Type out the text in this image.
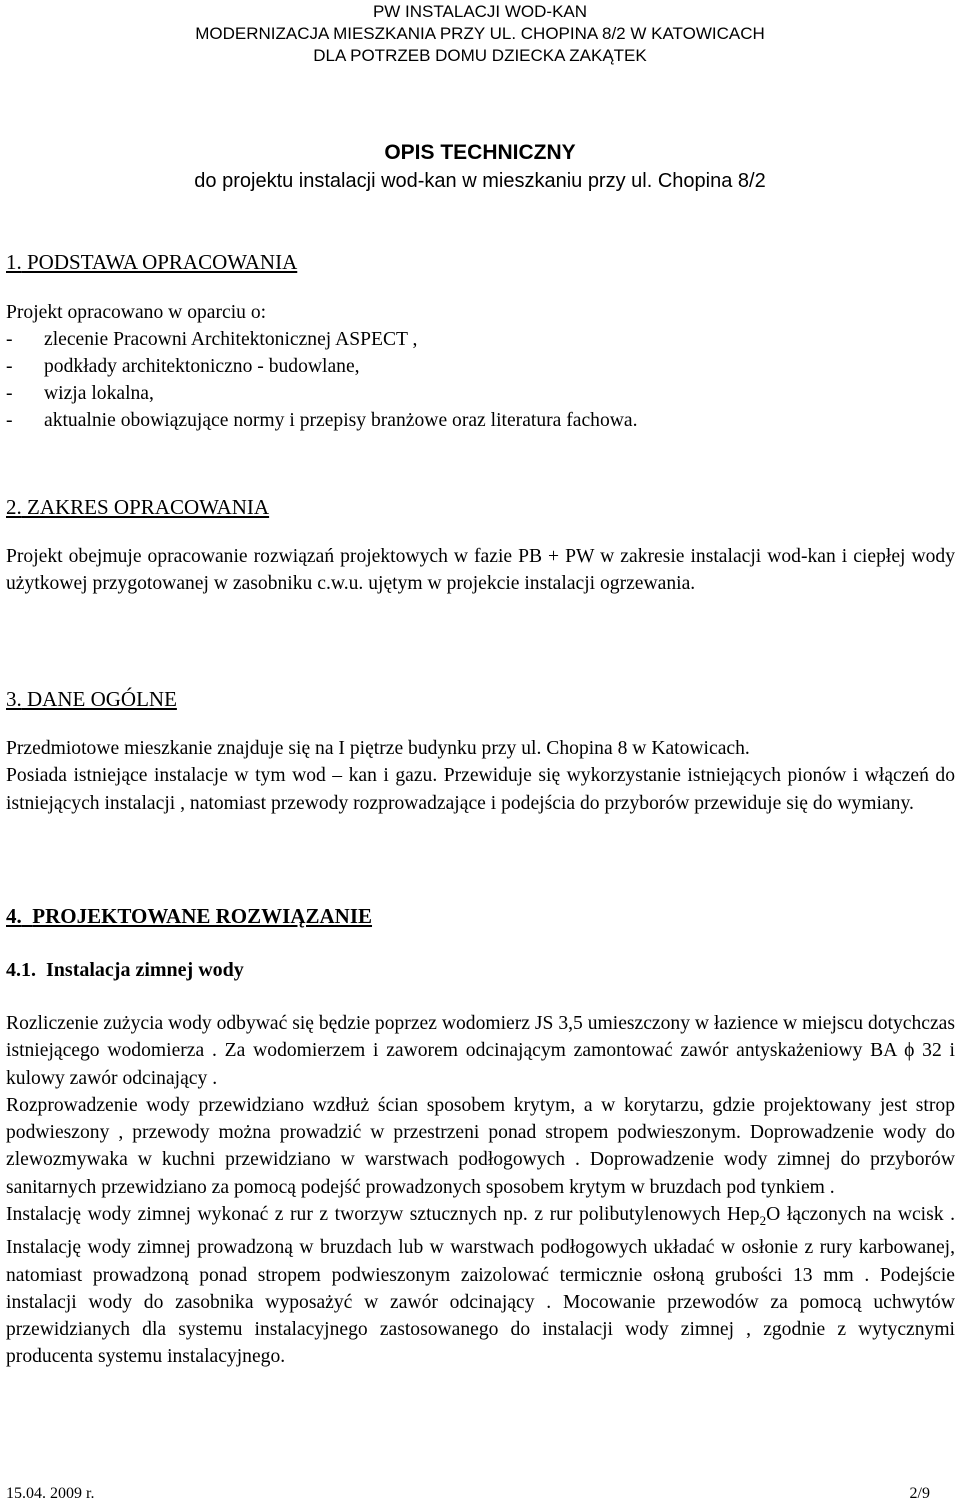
PW INSTALACJI WOD-KAN
MODERNIZACJA MIESZKANIA PRZY UL. CHOPINA 8/2 W KATOWICACH
DLA POTRZEB DOMU DZIECKA ZAKĄTEK
OPIS TECHNICZNY
do projektu instalacji wod-kan w mieszkaniu przy ul. Chopina 8/2

1. PODSTAWA OPRACOWANIA

Projekt opracowano w oparciu o:

- zlecenie Pracowni Architektonicznej ASPECT ,
- podkłady architektoniczno - budowlane,
- wizja lokalna,
- aktualnie obowiązujące normy i przepisy branżowe oraz literatura fachowa.

2. ZAKRES OPRACOWANIA

Projekt obejmuje opracowanie rozwiązań projektowych w fazie PB + PW w zakresie instalacji wod-kan i ciepłej wody użytkowej przygotowanej w zasobniku c.w.u. ujętym w projekcie instalacji ogrzewania.

3. DANE OGÓLNE

Przedmiotowe mieszkanie znajduje się na I piętrze budynku przy ul. Chopina 8 w Katowicach.

Posiada istniejące instalacje w tym wod – kan i gazu. Przewiduje się wykorzystanie istniejących pionów i włączeń do istniejących instalacji , natomiast przewody rozprowadzające i podejścia do przyborów przewiduje się do wymiany.

4. PROJEKTOWANE ROZWIĄZANIE

4.1. Instalacja zimnej wody

Rozliczenie zużycia wody odbywać się będzie poprzez wodomierz JS 3,5 umieszczony w łazience w miejscu dotychczas istniejącego wodomierza . Za wodomierzem i zaworem odcinającym zamontować zawór antyskażeniowy BA ϕ 32 i kulowy zawór odcinający .

Rozprowadzenie wody przewidziano wzdłuż ścian sposobem krytym, a w korytarzu, gdzie projektowany jest strop podwieszony , przewody można prowadzić w przestrzeni ponad stropem podwieszonym. Doprowadzenie wody do zlewozmywaka w kuchni przewidziano w warstwach podłogowych . Doprowadzenie wody zimnej do przyborów sanitarnych przewidziano za pomocą podejść prowadzonych sposobem krytym w bruzdach pod tynkiem .

Instalację wody zimnej wykonać z rur z tworzyw sztucznych np. z rur polibutylenowych Hep$_2$O łączonych na wcisk . Instalację wody zimnej prowadzoną w bruzdach lub w warstwach podłogowych układać w osłonie z rury karbowanej, natomiast prowadzoną ponad stropem podwieszonym zaizolować termicznie osłoną grubości 13 mm . Podejście instalacji wody do zasobnika wyposażyć w zawór odcinający . Mocowanie przewodów za pomocą uchwytów przewidzianych dla systemu instalacyjnego zastosowanego do instalacji wody zimnej , zgodnie z wytycznymi producenta systemu instalacyjnego.

15.04. 2009 r.	2/9
